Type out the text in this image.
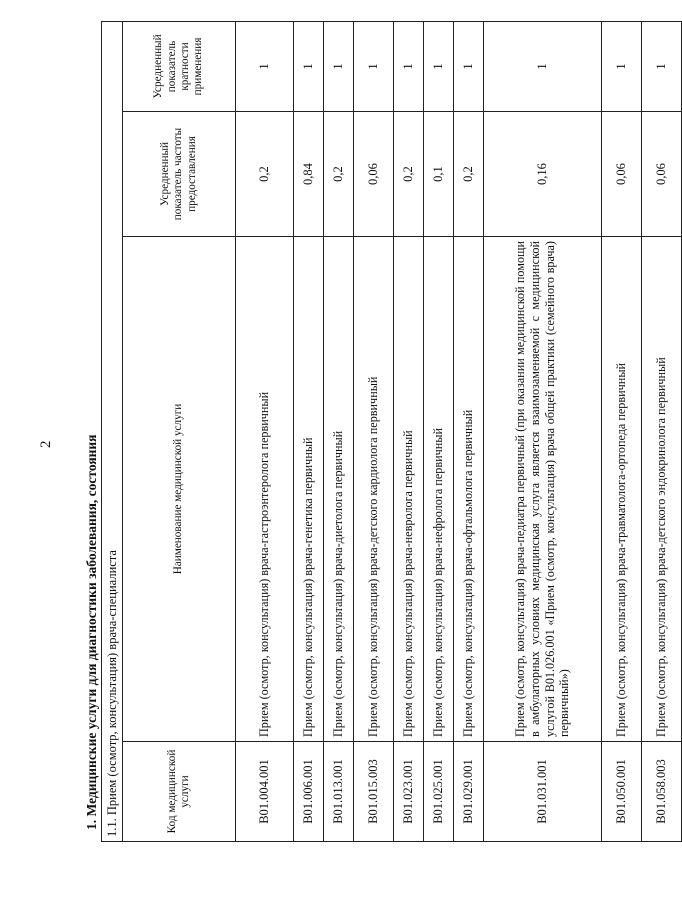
2 1. Медицинские услуги для диагностики заболевания, состояния 1.1. Прием (осмотр, консультация) врача-специалиста			
Код медицинской услуги	Наименование медицинской услуги	Усредненный показатель частоты предоставления	Усредненный показатель кратности применения
B01.004.001	Прием (осмотр, консультация) врача-гастроэнтеролога первичный	0,2	1
B01.006.001	Прием (осмотр, консультация) врача-генетика первичный	0,84	1
B01.013.001	Прием (осмотр, консультация) врача-диетолога первичный	0,2	1
B01.015.003	Прием (осмотр, консультация) врача-детского кардиолога первичный	0,06	1
B01.023.001	Прием (осмотр, консультация) врача-невролога первичный	0,2	1
B01.025.001	Прием (осмотр, консультация) врача-нефролога первичный	0,1	1
B01.029.001	Прием (осмотр, консультация) врача-офтальмолога первичный	0,2	1
B01.031.001	Прием (осмотр, консультация) врача-педиатра первичный (при оказании медицинской помощи в амбулаторных условиях медицинская услуга является взаимозаменяемой с медицинской услугой B01.026.001 «Прием (осмотр, консультация) врача общей практики (семейного врача) первичный»)	0,16	1
B01.050.001	Прием (осмотр, консультация) врача-травматолога-ортопеда первичный	0,06	1
B01.058.003	Прием (осмотр, консультация) врача-детского эндокринолога первичный	0,06	1
